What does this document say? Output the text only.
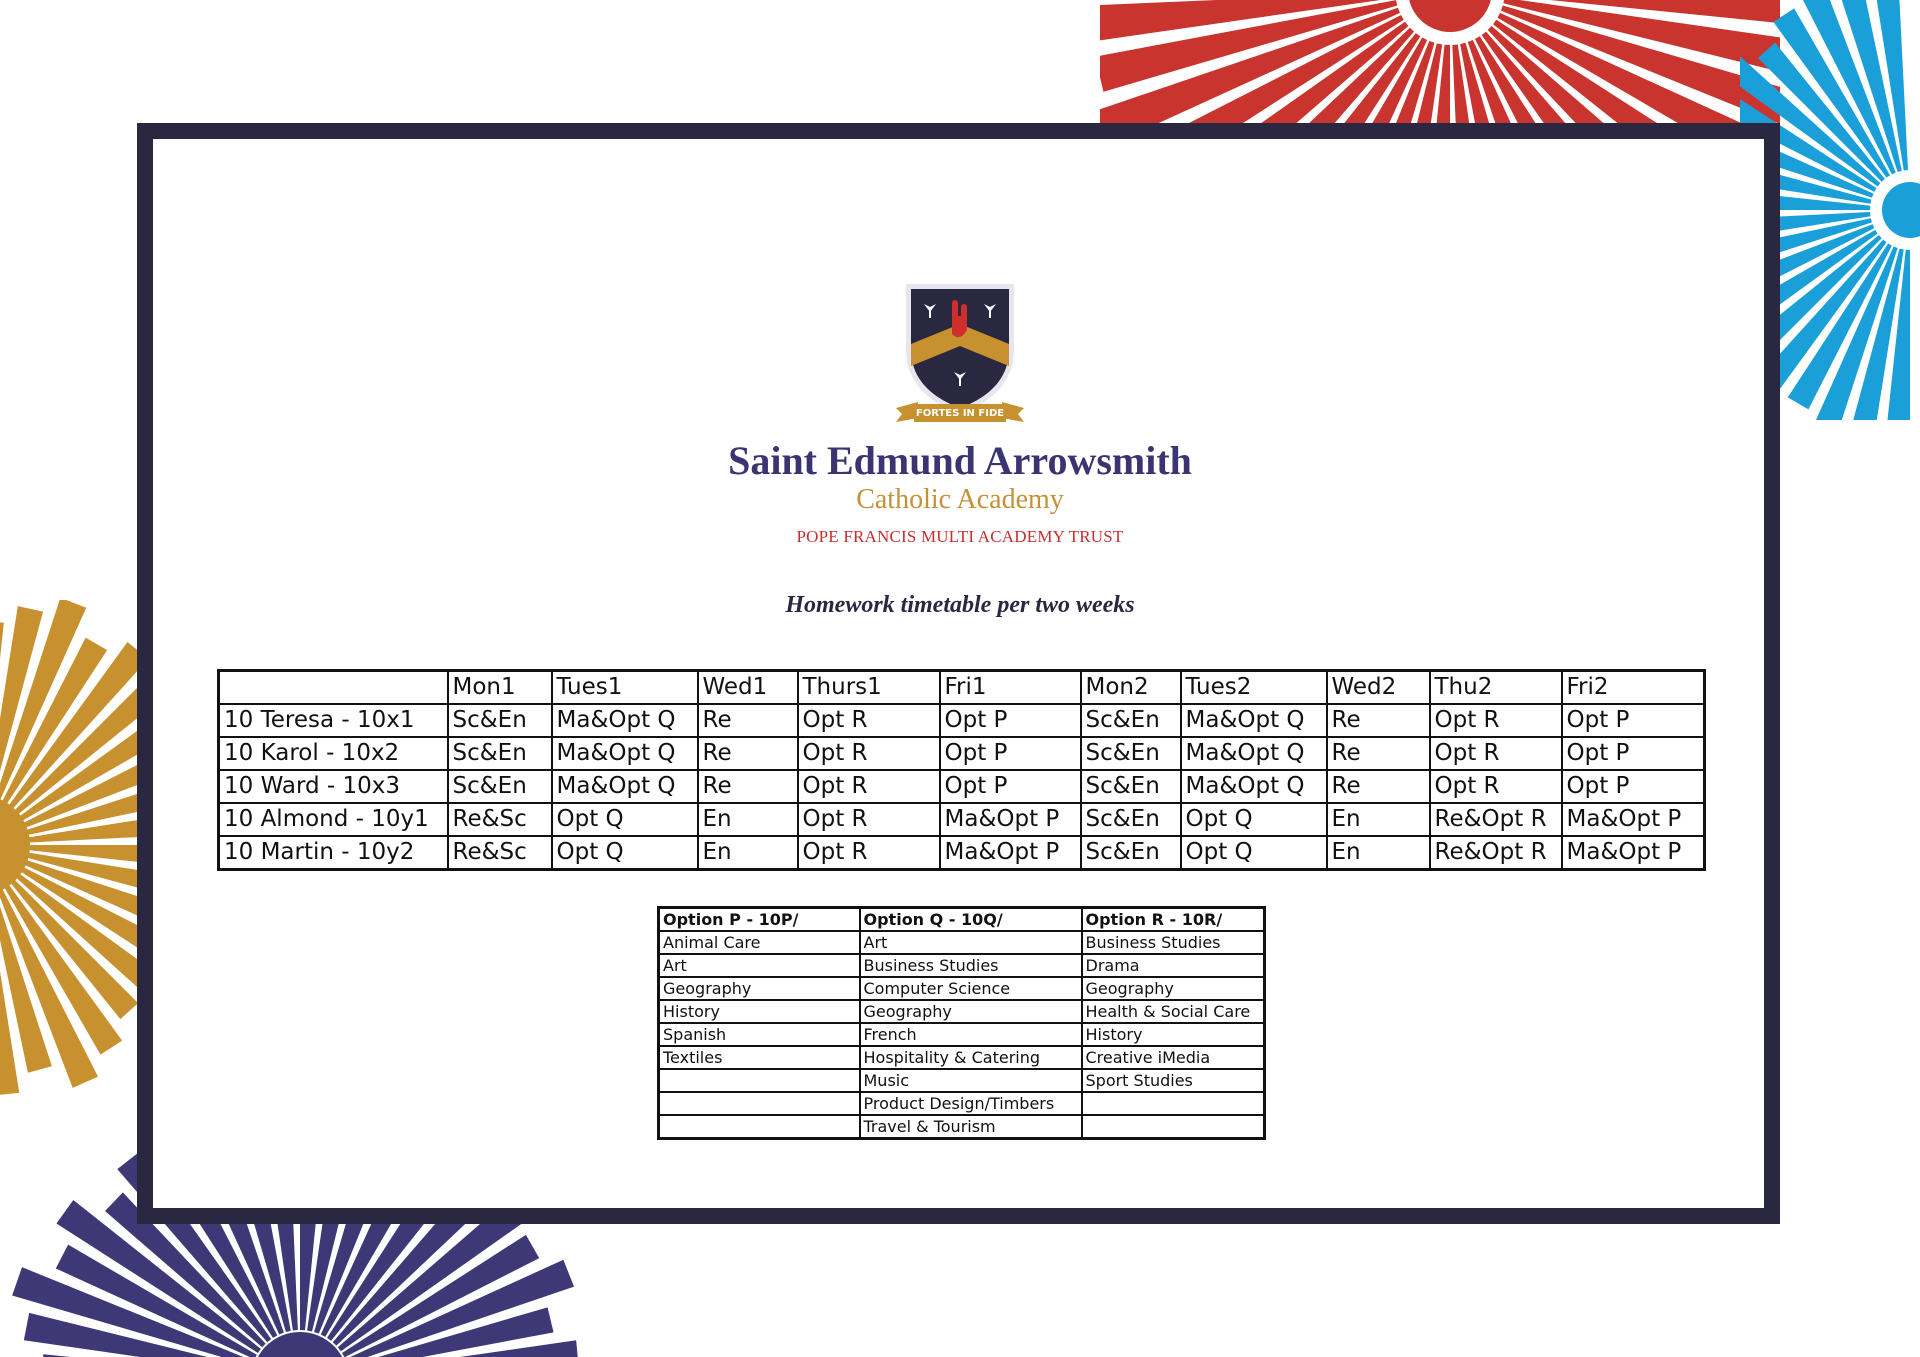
FORTES IN FIDE
Saint Edmund Arrowsmith
Catholic Academy
POPE FRANCIS MULTI ACADEMY TRUST
Homework timetable per two weeks
	Mon1	Tues1	Wed1	Thurs1	Fri1	Mon2	Tues2	Wed2	Thu2	Fri2
10 Teresa - 10x1	Sc&En	Ma&Opt Q	Re	Opt R	Opt P	Sc&En	Ma&Opt Q	Re	Opt R	Opt P
10 Karol - 10x2	Sc&En	Ma&Opt Q	Re	Opt R	Opt P	Sc&En	Ma&Opt Q	Re	Opt R	Opt P
10 Ward - 10x3	Sc&En	Ma&Opt Q	Re	Opt R	Opt P	Sc&En	Ma&Opt Q	Re	Opt R	Opt P
10 Almond - 10y1	Re&Sc	Opt Q	En	Opt R	Ma&Opt P	Sc&En	Opt Q	En	Re&Opt R	Ma&Opt P
10 Martin - 10y2	Re&Sc	Opt Q	En	Opt R	Ma&Opt P	Sc&En	Opt Q	En	Re&Opt R	Ma&Opt P
Option P - 10P/	Option Q - 10Q/	Option R - 10R/
Animal Care	Art	Business Studies
Art	Business Studies	Drama
Geography	Computer Science	Geography
History	Geography	Health & Social Care
Spanish	French	History
Textiles	Hospitality & Catering	Creative iMedia
	Music	Sport Studies
	Product Design/Timbers	
	Travel & Tourism	
